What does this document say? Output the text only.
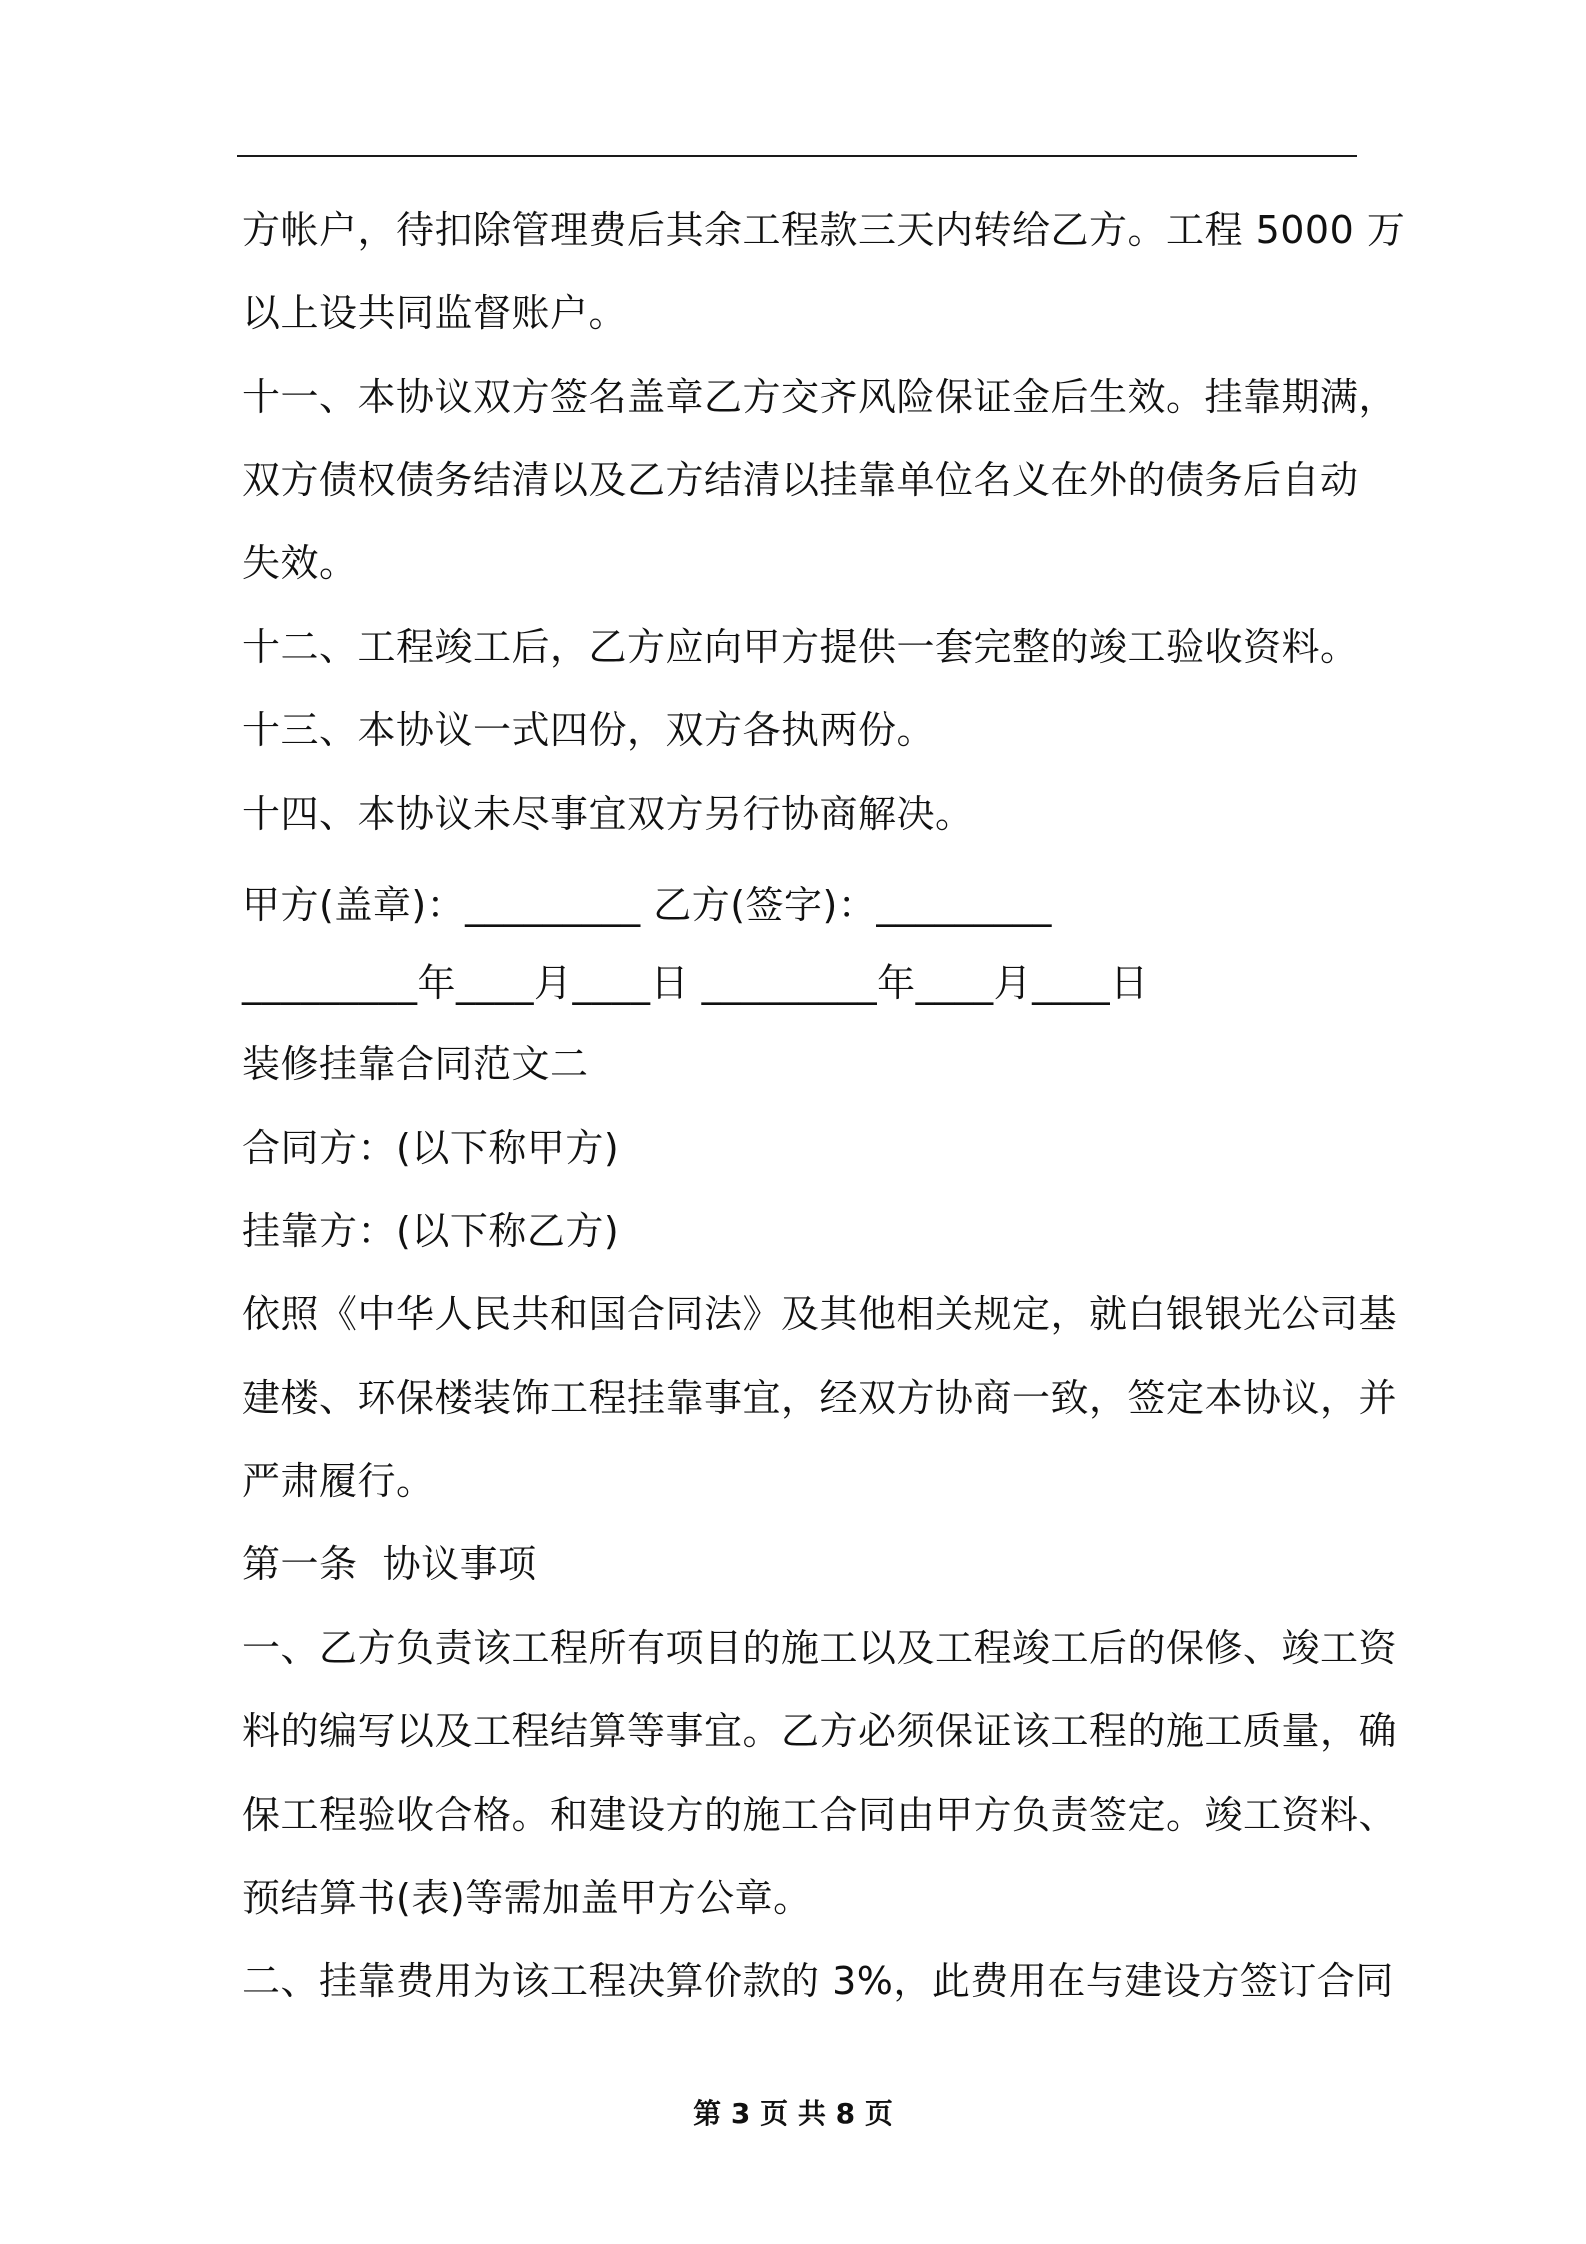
方帐户，待扣除管理费后其余工程款三天内转给乙方。工程 5000 万
以上设共同监督账户。
十一、本协议双方签名盖章乙方交齐风险保证金后生效。挂靠期满，
双方债权债务结清以及乙方结清以挂靠单位名义在外的债务后自动
失效。
十二、工程竣工后，乙方应向甲方提供一套完整的竣工验收资料。
十三、本协议一式四份，双方各执两份。
十四、本协议未尽事宜双方另行协商解决。
甲方(盖章)：_________ 乙方(签字)：_________
_________年____月____日 _________年____月____日
装修挂靠合同范文二
合同方：(以下称甲方)
挂靠方：(以下称乙方)
依照《中华人民共和国合同法》及其他相关规定，就白银银光公司基
建楼、环保楼装饰工程挂靠事宜，经双方协商一致，签定本协议，并
严肃履行。
第一条  协议事项
一、乙方负责该工程所有项目的施工以及工程竣工后的保修、竣工资
料的编写以及工程结算等事宜。乙方必须保证该工程的施工质量，确
保工程验收合格。和建设方的施工合同由甲方负责签定。竣工资料、
预结算书(表)等需加盖甲方公章。
二、挂靠费用为该工程决算价款的 3%，此费用在与建设方签订合同
第 3 页 共 8 页
